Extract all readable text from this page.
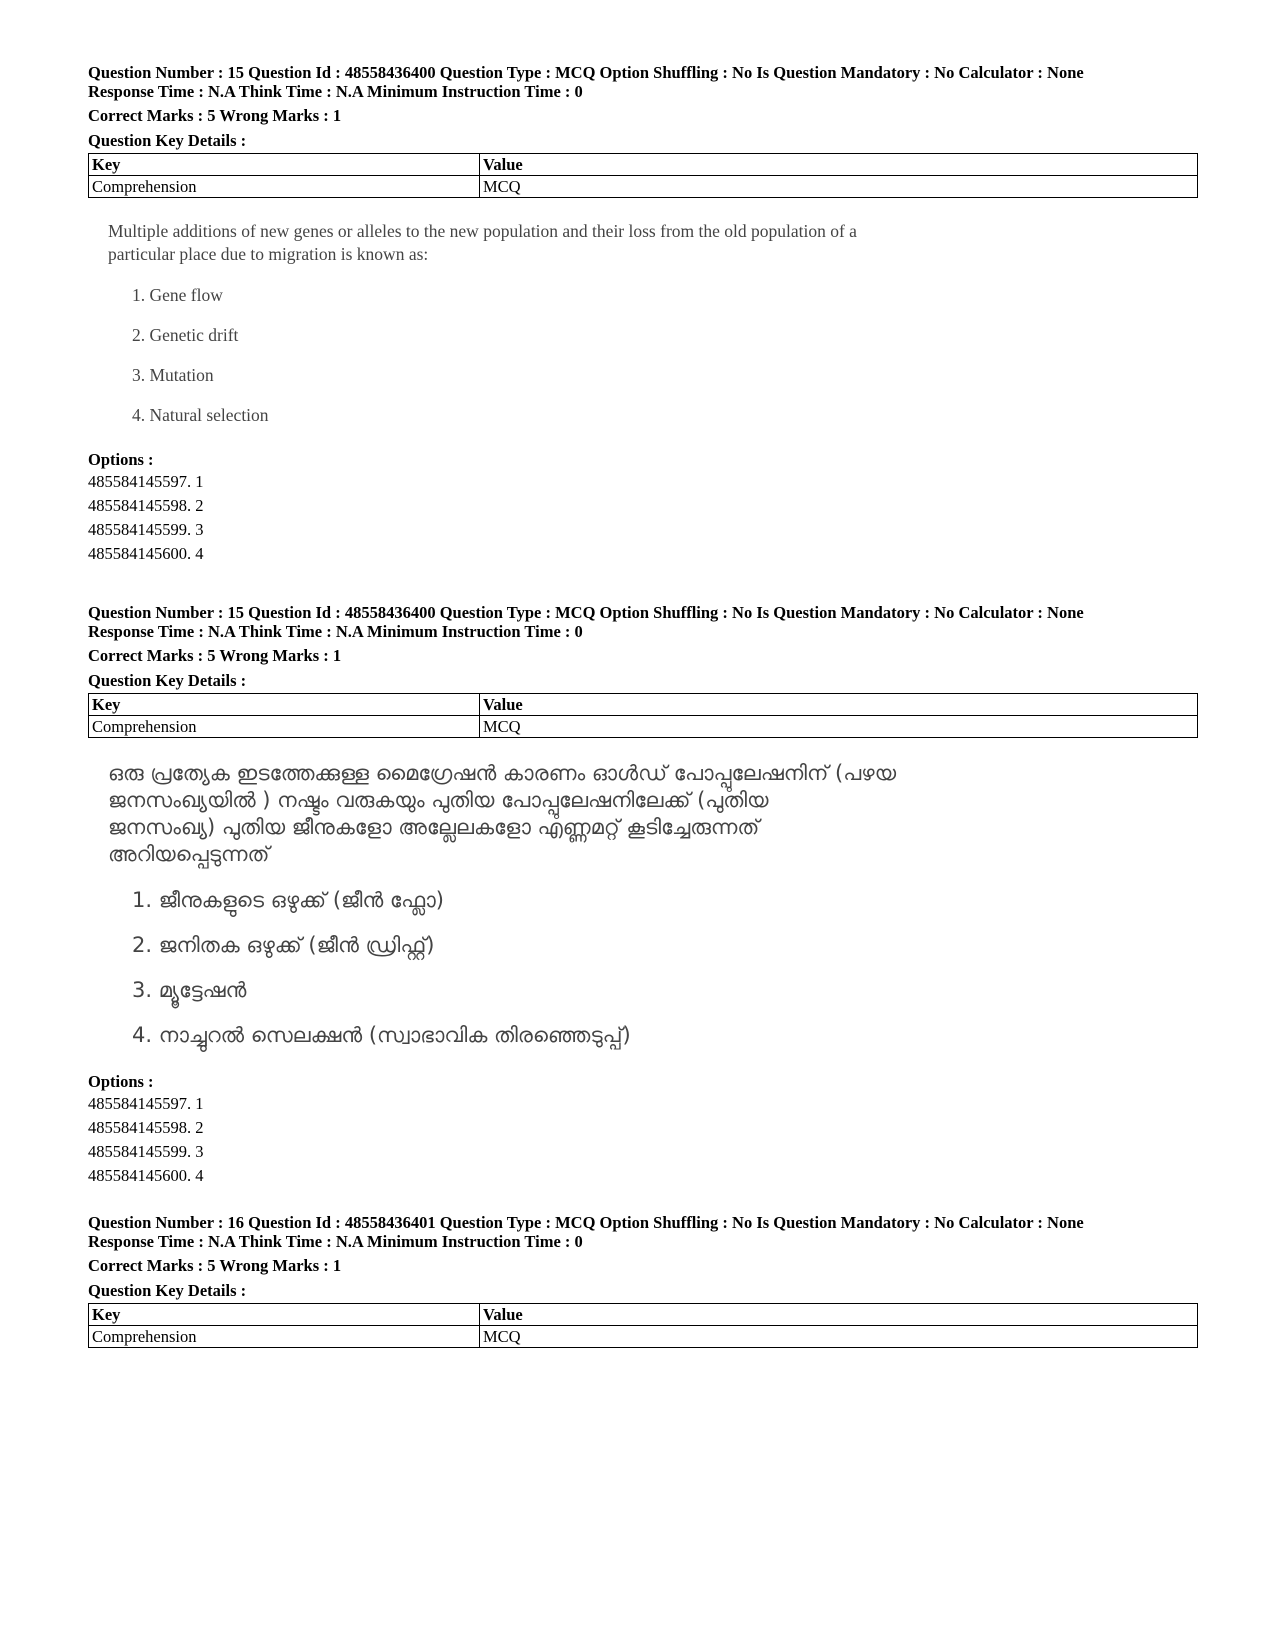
Question Number : 15 Question Id : 48558436400 Question Type : MCQ Option Shuffling : No Is Question Mandatory : No Calculator : None
Response Time : N.A Think Time : N.A Minimum Instruction Time : 0
Correct Marks : 5 Wrong Marks : 1
Question Key Details :
Key	Value
Comprehension	MCQ
Multiple additions of new genes or alleles to the new population and their loss from the old population of a
particular place due to migration is known as:
1. Gene flow
2. Genetic drift
3. Mutation
4. Natural selection
Options :
485584145597. 1
485584145598. 2
485584145599. 3
485584145600. 4
Question Number : 15 Question Id : 48558436400 Question Type : MCQ Option Shuffling : No Is Question Mandatory : No Calculator : None
Response Time : N.A Think Time : N.A Minimum Instruction Time : 0
Correct Marks : 5 Wrong Marks : 1
Question Key Details :
Key	Value
Comprehension	MCQ
ഒരു പ്രത്യേക ഇടത്തേക്കുള്ള മൈഗ്രേഷൻ കാരണം ഓൾഡ് പോപ്പുലേഷനിന് (പഴയ
ജനസംഖ്യയിൽ ) നഷ്ടം വരുകയും പുതിയ പോപ്പുലേഷനിലേക്ക് (പുതിയ
ജനസംഖ്യ) പുതിയ ജീനുകളോ അല്ലേലകളോ എണ്ണമറ്റ് കൂടിച്ചേരുന്നത്
അറിയപ്പെടുന്നത്
1. ജീനുകളുടെ ഒഴുക്ക് (ജീൻ ഫ്ലോ)
2. ജനിതക ഒഴുക്ക് (ജീൻ ഡ്രിഫ്റ്റ്)
3. മ്യൂട്ടേഷൻ
4. നാച്ചുറൽ സെലക്ഷൻ (സ്വാഭാവിക തിരഞ്ഞെടുപ്പ്)
Options :
485584145597. 1
485584145598. 2
485584145599. 3
485584145600. 4
Question Number : 16 Question Id : 48558436401 Question Type : MCQ Option Shuffling : No Is Question Mandatory : No Calculator : None
Response Time : N.A Think Time : N.A Minimum Instruction Time : 0
Correct Marks : 5 Wrong Marks : 1
Question Key Details :
Key	Value
Comprehension	MCQ
